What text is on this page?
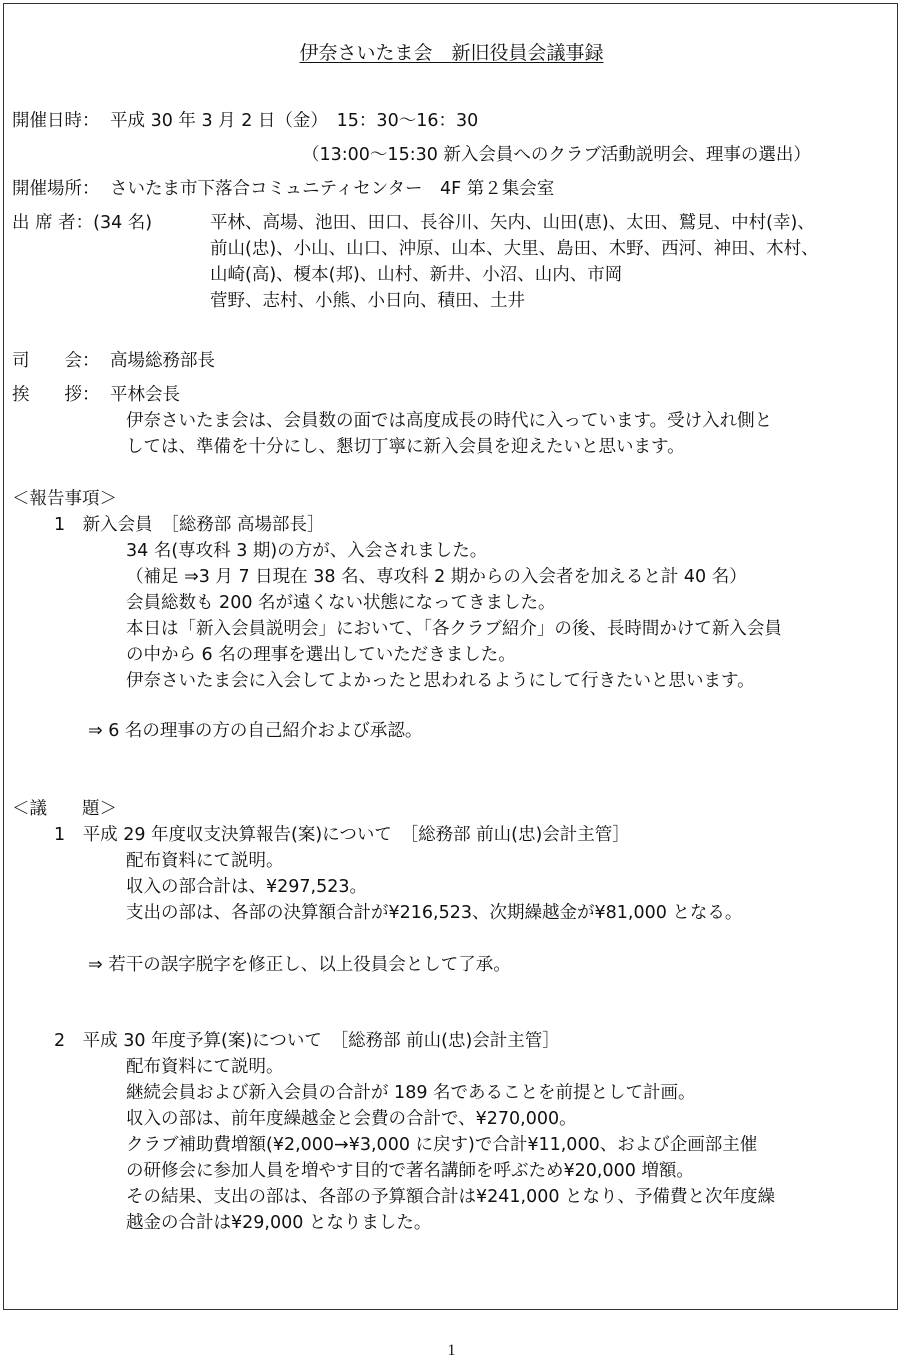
伊奈さいたま会　新旧役員会議事録
開催日時： 平成 30 年 3 月 2 日（金）　15：30〜16：30
（13:00〜15:30 新入会員へのクラブ活動説明会、理事の選出）
開催場所： さいたま市下落合コミュニティセンター　4F 第２集会室
出 席 者：(34 名)	平林、高場、池田、田口、長谷川、矢内、山田(恵)、太田、鷲見、中村(幸)、
前山(忠)、小山、山口、沖原、山本、大里、島田、木野、西河、神田、木村、
山崎(高)、榎本(邦)、山村、新井、小沼、山内、市岡
菅野、志村、小熊、小日向、積田、土井
司　　会： 高場総務部長
挨　　拶： 平林会長
伊奈さいたま会は、会員数の面では高度成長の時代に入っています。受け入れ側と
しては、準備を十分にし、懇切丁寧に新入会員を迎えたいと思います。
＜報告事項＞
1　新入会員　［総務部 高場部長］
34 名(専攻科 3 期)の方が、入会されました。
（補足 ⇒3 月 7 日現在 38 名、専攻科 2 期からの入会者を加えると計 40 名）
会員総数も 200 名が遠くない状態になってきました。
本日は「新入会員説明会」において、「各クラブ紹介」の後、長時間かけて新入会員
の中から 6 名の理事を選出していただきました。
伊奈さいたま会に入会してよかったと思われるようにして行きたいと思います。
⇒ 6 名の理事の方の自己紹介および承認。
＜議　　題＞
1　平成 29 年度収支決算報告(案)について　［総務部 前山(忠)会計主管］
配布資料にて説明。
収入の部合計は、¥297,523。
支出の部は、各部の決算額合計が¥216,523、次期繰越金が¥81,000 となる。
⇒ 若干の誤字脱字を修正し、以上役員会として了承。
2　平成 30 年度予算(案)について　［総務部 前山(忠)会計主管］
配布資料にて説明。
継続会員および新入会員の合計が 189 名であることを前提として計画。
収入の部は、前年度繰越金と会費の合計で、¥270,000。
クラブ補助費増額(¥2,000→¥3,000 に戻す)で合計¥11,000、および企画部主催
の研修会に参加人員を増やす目的で著名講師を呼ぶため¥20,000 増額。
その結果、支出の部は、各部の予算額合計は¥241,000 となり、予備費と次年度繰
越金の合計は¥29,000 となりました。
1
